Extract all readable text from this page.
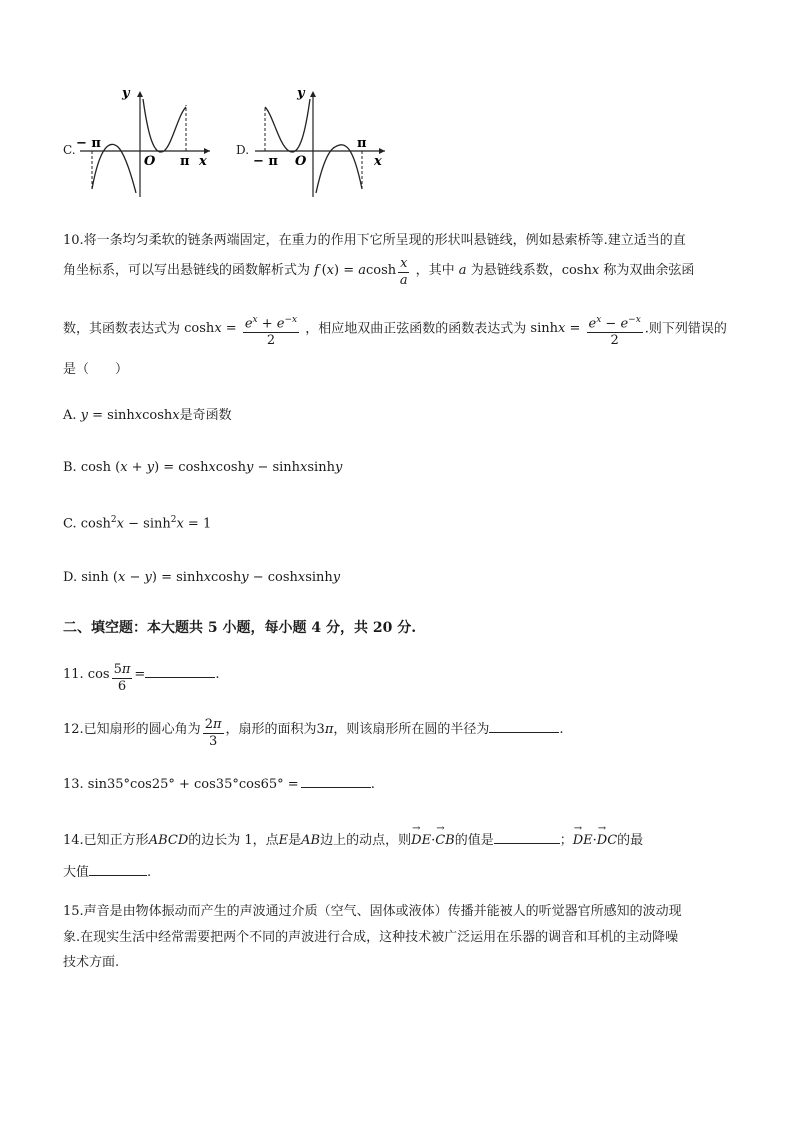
C.
y
x
O
− π
π
D.
y
x
O
− π
π
10.将一条均匀柔软的链条两端固定，在重力的作用下它所呈现的形状叫悬链线，例如悬索桥等.建立适当的直
角坐标系，可以写出悬链线的函数解析式为 f (x) = acosh $\frac{x}{a}$ ，其中 a 为悬链线系数，coshx 称为双曲余弦函
数，其函数表达式为 $\cosh x = \frac{e^x + e^{-x}}{2}$ ，相应地双曲正弦函数的函数表达式为 $\sinh x = \frac{e^x - e^{-x}}{2}$ .则下列错误的
是（　　）
A. y = sinhxcoshx是奇函数
B. cosh (x + y) = coshxcoshy − sinhxsinhy
C. $\cosh^2x - \sinh^2x = 1$
D. sinh (x − y) = sinhxcoshy − coshxsinhy
二、填空题：本大题共 5 小题，每小题 4 分，共 20 分.
11. $\cos \frac{5\pi}{6}$ =	.
12.已知扇形的圆心角为 $\frac{2\pi}{3}$ ，扇形的面积为3π，则该扇形所在圆的半径为	.
13. sin35°cos25° + cos35°cos65° =	.
14.已知正方形ABCD的边长为 1，点E是AB边上的动点，则→ DE·→ CB的值是	；→ DE·→ DC的最
大值	.
15.声音是由物体振动而产生的声波通过介质（空气、固体或液体）传播并能被人的听觉器官所感知的波动现
象.在现实生活中经常需要把两个不同的声波进行合成，这种技术被广泛运用在乐器的调音和耳机的主动降噪
技术方面.
